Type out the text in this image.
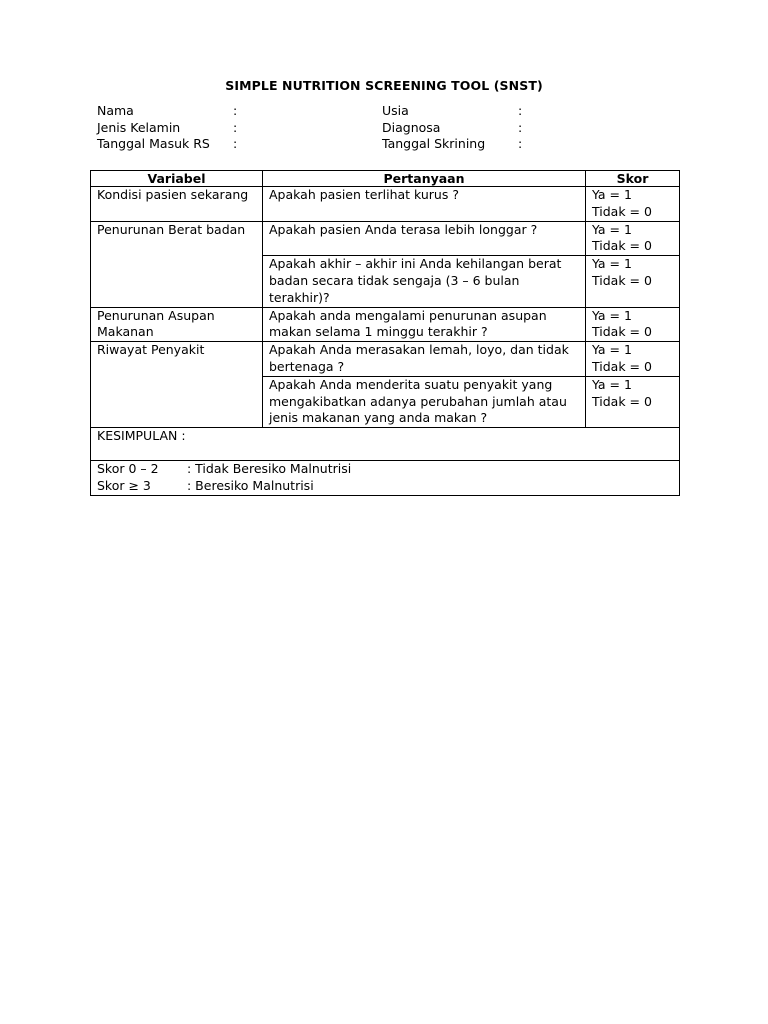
SIMPLE NUTRITION SCREENING TOOL (SNST)
Nama	:	Usia	:
Jenis Kelamin	:	Diagnosa	:
Tanggal Masuk RS :	Tanggal Skrining	:
Variabel	Pertanyaan	Skor
Kondisi pasien sekarang	Apakah pasien terlihat kurus ?	Ya = 1
Tidak = 0

Penurunan Berat badan	Apakah pasien Anda terasa lebih longgar ?	Ya = 1
Tidak = 0

	Apakah akhir – akhir ini Anda kehilangan berat badan secara tidak sengaja (3 – 6 bulan terakhir)?	Ya = 1
Tidak = 0

Penurunan Asupan Makanan	Apakah anda mengalami penurunan asupan makan selama 1 minggu terakhir ?	Ya = 1
Tidak = 0

Riwayat Penyakit	Apakah Anda merasakan lemah, loyo, dan tidak bertenaga ?	Ya = 1
Tidak = 0

	Apakah Anda menderita suatu penyakit yang mengakibatkan adanya perubahan jumlah atau jenis makanan yang anda makan ?	Ya = 1
Tidak = 0

KESIMPULAN :		

Skor 0 – 2 : Tidak Beresiko Malnutrisi
Skor ≥ 3 : Beresiko Malnutrisi		
